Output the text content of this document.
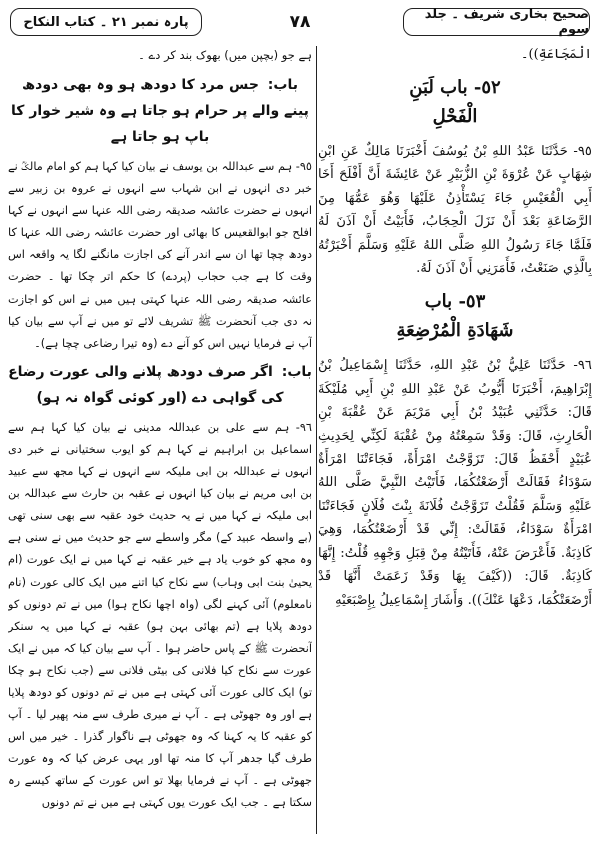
صحیح بخاری شریف ۔ جلد سوم
۷۸
پارہ نمبر ۲۱ ۔ کتاب النکاح

الْمَجَاعَةِ))۔

٥٢- باب لَبَنِ
الْفَحْلِ

٩٥- حَدَّثَنَا عَبْدُ اللهِ بْنُ يُوسُفَ أَخْبَرَنَا مَالِكٌ عَنِ ابْنِ شِهَابٍ عَنْ عُرْوَةَ بْنِ الزُّبَيْرِ عَنْ عَائِشَةَ أَنَّ أَفْلَحَ أَخَا أَبِي الْقُعَيْسِ جَاءَ يَسْتَأْذِنُ عَلَيْهَا وَهُوَ عَمُّهَا مِنَ الرَّضَاعَةِ بَعْدَ أَنْ نَزَلَ الْحِجَابُ، فَأَبَيْتُ أَنْ آذَنَ لَهُ فَلَمَّا جَاءَ رَسُولُ اللهِ صَلَّى اللهُ عَلَيْهِ وَسَلَّمَ أَخْبَرْتُهُ بِالَّذِي صَنَعْتُ، فَأَمَرَنِي أَنْ آذَنَ لَهُ.

٥٣- باب
شَهَادَةِ الْمُرْضِعَةِ

٩٦- حَدَّثَنَا عَلِيُّ بْنُ عَبْدِ اللهِ، حَدَّثَنَا إِسْمَاعِيلُ بْنُ إِبْرَاهِيمَ، أَخْبَرَنَا أَيُّوبُ عَنْ عَبْدِ اللهِ بْنِ أَبِي مُلَيْكَةَ قَالَ: حَدَّثَنِي عُبَيْدُ بْنُ أَبِي مَرْيَمَ عَنْ عُقْبَةَ بْنِ الْحَارِثِ، قَالَ: وَقَدْ سَمِعْتُهُ مِنْ عُقْبَةَ لَكِنِّي لِحَدِيثِ عُبَيْدٍ أَحْفَظُ قَالَ: تَزَوَّجْتُ امْرَأَةً، فَجَاءَتْنَا امْرَأَةٌ سَوْدَاءُ فَقَالَتْ أَرْضَعْتُكُمَا، فَأَتَيْتُ النَّبِيَّ صَلَّى اللهُ عَلَيْهِ وَسَلَّمَ فَقُلْتُ تَزَوَّجْتُ فُلَانَةَ بِنْتَ فُلَانٍ فَجَاءَتْنَا امْرَأَةٌ سَوْدَاءُ، فَقَالَتْ: إِنِّي قَدْ أَرْضَعْتُكُمَا، وَهِيَ كَاذِبَةٌ. فَأَعْرَضَ عَنْهُ، فَأَتَيْتُهُ مِنْ قِبَلِ وَجْهِهِ قُلْتُ: إِنَّهَا كَاذِبَةٌ. قَالَ: ((كَيْفَ بِهَا وَقَدْ زَعَمَتْ أَنَّهَا قَدْ أَرْضَعَتْكُمَا، دَعْهَا عَنْكَ)). وَأَشَارَ إِسْمَاعِيلُ بِإِصْبَعَيْهِ

ہے جو (بچپن میں) بھوک بند کر دے ۔

باب: جس مرد کا دودھ ہو وہ بھی دودھ پینے والے پر حرام ہو جاتا ہے وہ شیر خوار کا باپ ہو جاتا ہے

٩٥- ہم سے عبداللہ بن یوسف نے بیان کیا کہا ہم کو امام مالکؒ نے خبر دی انہوں نے ابن شہاب سے انہوں نے عروہ بن زبیر سے انہوں نے حضرت عائشہ صدیقہ رضی اللہ عنہا سے انہوں نے کہا افلح جو ابوالقعیس کا بھائی اور حضرت عائشہ رضی اللہ عنہا کا دودھ چچا تھا ان سے اندر آنے کی اجازت مانگنے لگا یہ واقعہ اس وقت کا ہے جب حجاب (پردے) کا حکم اتر چکا تھا ۔ حضرت عائشہ صدیقہ رضی اللہ عنہا کہتی ہیں میں نے اس کو اجازت نہ دی جب آنحضرت ﷺ تشریف لائے تو میں نے آپ سے بیان کیا آپ نے فرمایا نہیں اس کو آنے دے (وہ تیرا رضاعی چچا ہے)۔

باب: اگر صرف دودھ پلانے والی عورت رضاع کی گواہی دے (اور کوئی گواہ نہ ہو)

٩٦- ہم سے علی بن عبداللہ مدینی نے بیان کیا کہا ہم سے اسماعیل بن ابراہیم نے کہا ہم کو ایوب سختیانی نے خبر دی انہوں نے عبداللہ بن ابی ملیکہ سے انہوں نے کہا مجھ سے عبید بن ابی مریم نے بیان کیا انہوں نے عقبہ بن حارث سے عبداللہ بن ابی ملیکہ نے کہا میں نے یہ حدیث خود عقبہ سے بھی سنی تھی (بے واسطہ عبید کے) مگر واسطے سے جو حدیث میں نے سنی ہے وہ مجھ کو خوب یاد ہے خیر عقبہ نے کہا میں نے ایک عورت (ام یحییٰ بنت ابی وہاب) سے نکاح کیا اتنے میں ایک کالی عورت (نام نامعلوم) آئی کہنے لگی (واہ اچھا نکاح ہوا) میں نے تم دونوں کو دودھ پلایا ہے (تم بھائی بہن ہو) عقبہ نے کہا میں یہ سنکر آنحضرت ﷺ کے پاس حاضر ہوا ۔ آپ سے بیان کیا کہ میں نے ایک عورت سے نکاح کیا فلانی کی بیٹی فلانی سے (جب نکاح ہو چکا تو) ایک کالی عورت آئی کہتی ہے میں نے تم دونوں کو دودھ پلایا ہے اور وہ جھوٹی ہے ۔ آپ نے میری طرف سے منہ پھیر لیا ۔ آپ کو عقبہ کا یہ کہنا کہ وہ جھوٹی ہے ناگوار گذرا ۔ خیر میں اس طرف گیا جدھر آپ کا منہ تھا اور یہی عرض کیا کہ وہ عورت جھوٹی ہے ۔ آپ نے فرمایا بھلا تو اس عورت کے ساتھ کیسے رہ سکتا ہے ۔ جب ایک عورت یوں کہتی ہے میں نے تم دونوں
